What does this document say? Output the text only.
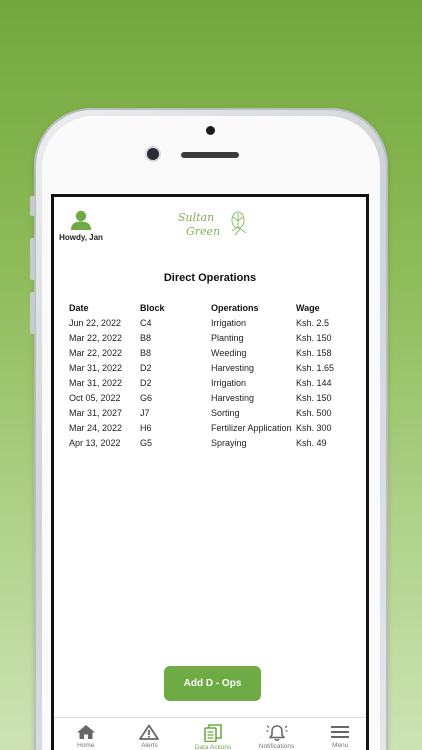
Howdy, Jan
Sultan
Green
Direct Operations
Date	Block	Operations	Wage
Jun 22, 2022	C4	Irrigation	Ksh. 2.5
Mar 22, 2022	B8	Planting	Ksh. 150
Mar 22, 2022	B8	Weeding	Ksh. 158
Mar 31, 2022	D2	Harvesting	Ksh. 1.65
Mar 31, 2022	D2	Irrigation	Ksh. 144
Oct 05, 2022	G6	Harvesting	Ksh. 150
Mar 31, 2027	J7	Sorting	Ksh. 500
Mar 24, 2022	H6	Fertilizer Application	Ksh. 300
Apr 13, 2022	G5	Spraying	Ksh. 49
Add D - Ops
Home	Alerts	Data Actions	Notifications	Menu
